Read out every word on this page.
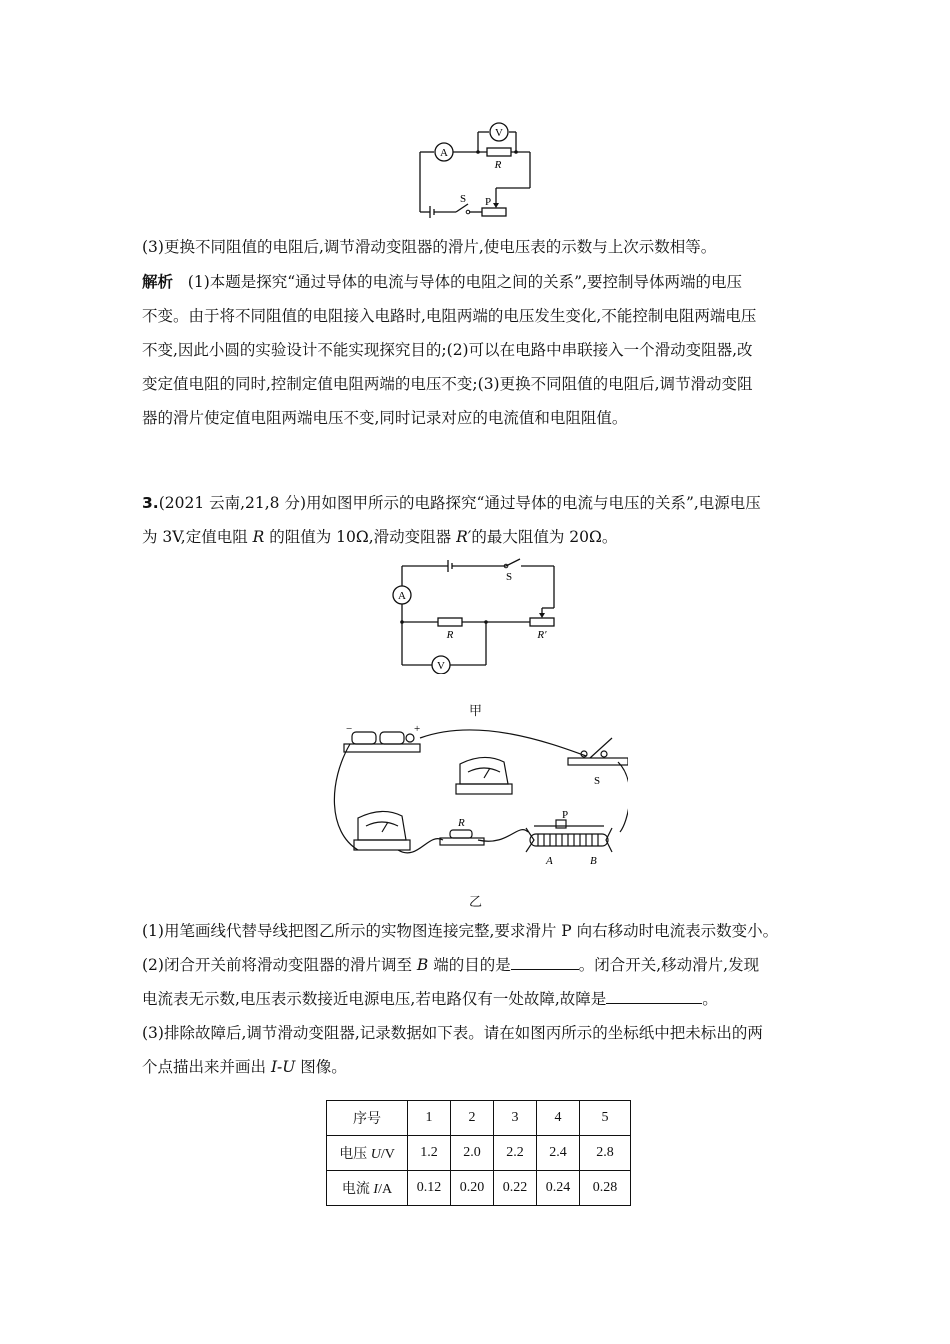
A
V
R
S P
(3)更换不同阻值的电阻后,调节滑动变阻器的滑片,使电压表的示数与上次示数相等。
解析 (1)本题是探究“通过导体的电流与导体的电阻之间的关系”,要控制导体两端的电压
不变。由于将不同阻值的电阻接入电路时,电阻两端的电压发生变化,不能控制电阻两端电压
不变,因此小圆的实验设计不能实现探究目的;(2)可以在电路中串联接入一个滑动变阻器,改
变定值电阻的同时,控制定值电阻两端的电压不变;(3)更换不同阻值的电阻后,调节滑动变阻
器的滑片使定值电阻两端电压不变,同时记录对应的电流值和电阻阻值。
3.(2021 云南,21,8 分)用如图甲所示的电路探究“通过导体的电流与电压的关系”,电源电压
为 3V,定值电阻 R 的阻值为 10Ω,滑动变阻器 R′的最大阻值为 20Ω。
A
V
R	R′
S
甲
−	+
S
R
P
A	B
乙
(1)用笔画线代替导线把图乙所示的实物图连接完整,要求滑片 P 向右移动时电流表示数变小。
(2)闭合开关前将滑动变阻器的滑片调至 B 端的目的是	。闭合开关,移动滑片,发现
电流表无示数,电压表示数接近电源电压,若电路仅有一处故障,故障是	。
(3)排除故障后,调节滑动变阻器,记录数据如下表。请在如图丙所示的坐标纸中把未标出的两
个点描出来并画出 I-U 图像。
序号	1	2	3	4	5
电压 U/V	1.2	2.0	2.2	2.4	2.8
电流 I/A	0.12	0.20	0.22	0.24	0.28
